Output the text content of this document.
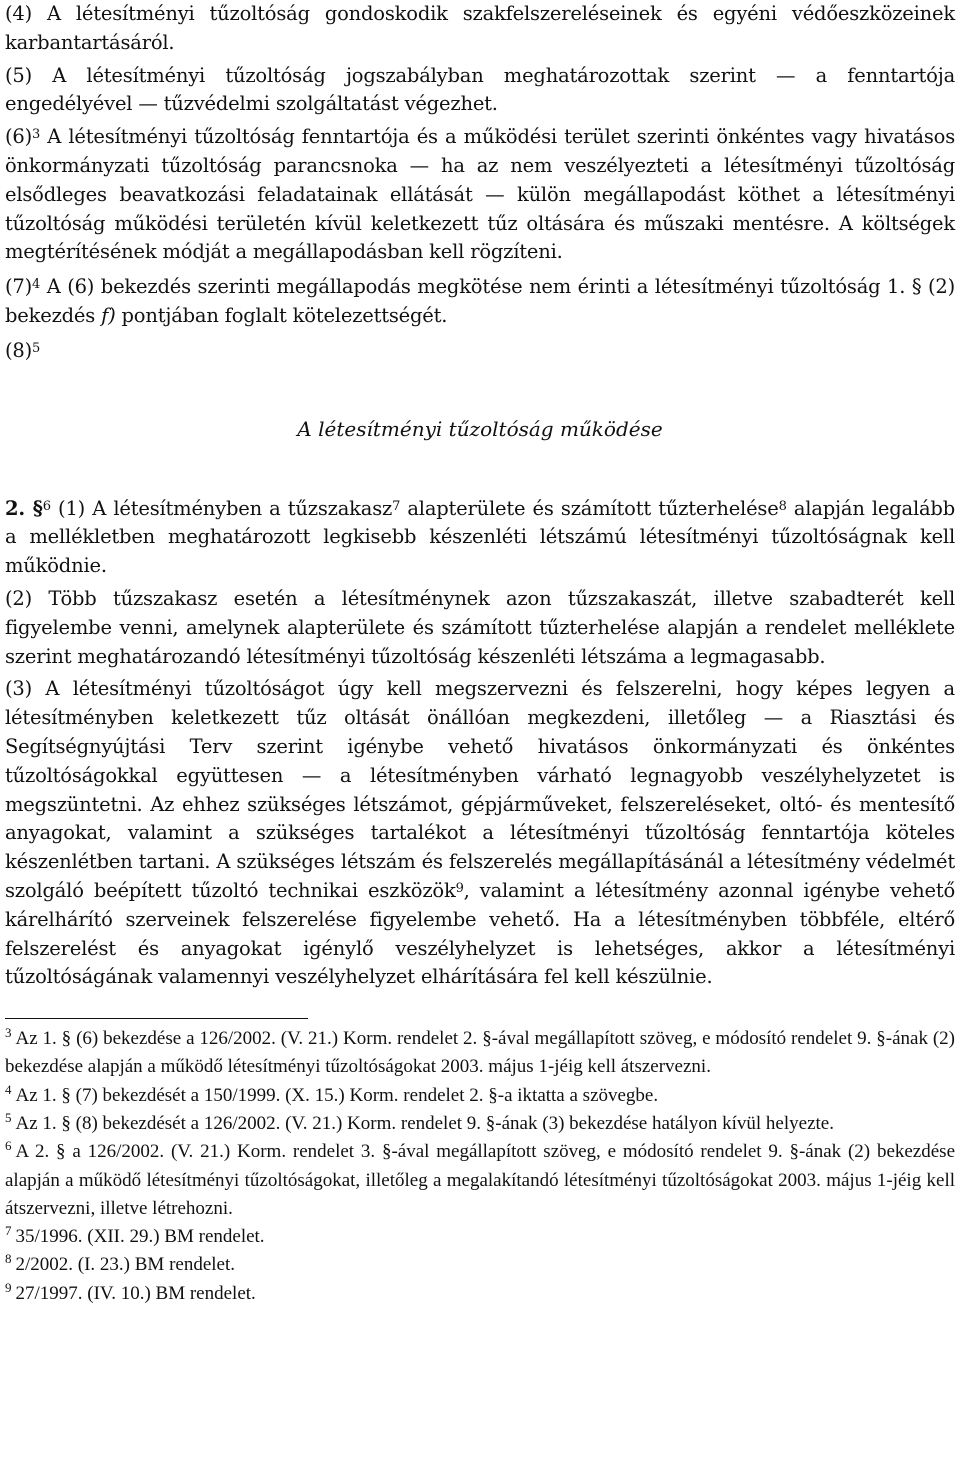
(4) A létesítményi tűzoltóság gondoskodik szakfelszereléseinek és egyéni védőeszközeinek karbantartásáról.

(5) A létesítményi tűzoltóság jogszabályban meghatározottak szerint — a fenntartója engedélyével — tűzvédelmi szolgáltatást végezhet.

$(6)^3$ A létesítményi tűzoltóság fenntartója és a működési terület szerinti önkéntes vagy hivatásos önkormányzati tűzoltóság parancsnoka — ha az nem veszélyezteti a létesítményi tűzoltóság elsődleges beavatkozási feladatainak ellátását — külön megállapodást köthet a létesítményi tűzoltóság működési területén kívül keletkezett tűz oltására és műszaki mentésre. A költségek megtérítésének módját a megállapodásban kell rögzíteni.

$(7)^4$ A (6) bekezdés szerinti megállapodás megkötése nem érinti a létesítményi tűzoltóság 1. § (2) bekezdés f) pontjában foglalt kötelezettségét.

$(8)^5$

A létesítményi tűzoltóság működése

2. §$^6$ (1) A létesítményben a tűzszakasz$^7$ alapterülete és számított tűzterhelése$^8$ alapján legalább a mellékletben meghatározott legkisebb készenléti létszámú létesítményi tűzoltóságnak kell működnie.

(2) Több tűzszakasz esetén a létesítménynek azon tűzszakaszát, illetve szabadterét kell figyelembe venni, amelynek alapterülete és számított tűzterhelése alapján a rendelet melléklete szerint meghatározandó létesítményi tűzoltóság készenléti létszáma a legmagasabb.

(3) A létesítményi tűzoltóságot úgy kell megszervezni és felszerelni, hogy képes legyen a létesítményben keletkezett tűz oltását önállóan megkezdeni, illetőleg — a Riasztási és Segítségnyújtási Terv szerint igénybe vehető hivatásos önkormányzati és önkéntes tűzoltóságokkal együttesen — a létesítményben várható legnagyobb veszélyhelyzetet is megszüntetni. Az ehhez szükséges létszámot, gépjárműveket, felszereléseket, oltó- és mentesítő anyagokat, valamint a szükséges tartalékot a létesítményi tűzoltóság fenntartója köteles készenlétben tartani. A szükséges létszám és felszerelés megállapításánál a létesítmény védelmét szolgáló beépített tűzoltó technikai eszközök$^9$, valamint a létesítmény azonnal igénybe vehető kárelhárító szerveinek felszerelése figyelembe vehető. Ha a létesítményben többféle, eltérő felszerelést és anyagokat igénylő veszélyhelyzet is lehetséges, akkor a létesítményi tűzoltóságának valamennyi veszélyhelyzet elhárítására fel kell készülnie.

$^3$ Az 1. § (6) bekezdése a 126/2002. (V. 21.) Korm. rendelet 2. §-ával megállapított szöveg, e módosító rendelet 9. §-ának (2) bekezdése alapján a működő létesítményi tűzoltóságokat 2003. május 1-jéig kell átszervezni.

$^4$ Az 1. § (7) bekezdését a 150/1999. (X. 15.) Korm. rendelet 2. §-a iktatta a szövegbe.

$^5$ Az 1. § (8) bekezdését a 126/2002. (V. 21.) Korm. rendelet 9. §-ának (3) bekezdése hatályon kívül helyezte.

$^6$ A 2. § a 126/2002. (V. 21.) Korm. rendelet 3. §-ával megállapított szöveg, e módosító rendelet 9. §-ának (2) bekezdése alapján a működő létesítményi tűzoltóságokat, illetőleg a megalakítandó létesítményi tűzoltóságokat 2003. május 1-jéig kell átszervezni, illetve létrehozni.

$^7$ 35/1996. (XII. 29.) BM rendelet.

$^8$ 2/2002. (I. 23.) BM rendelet.

$^9$ 27/1997. (IV. 10.) BM rendelet.
